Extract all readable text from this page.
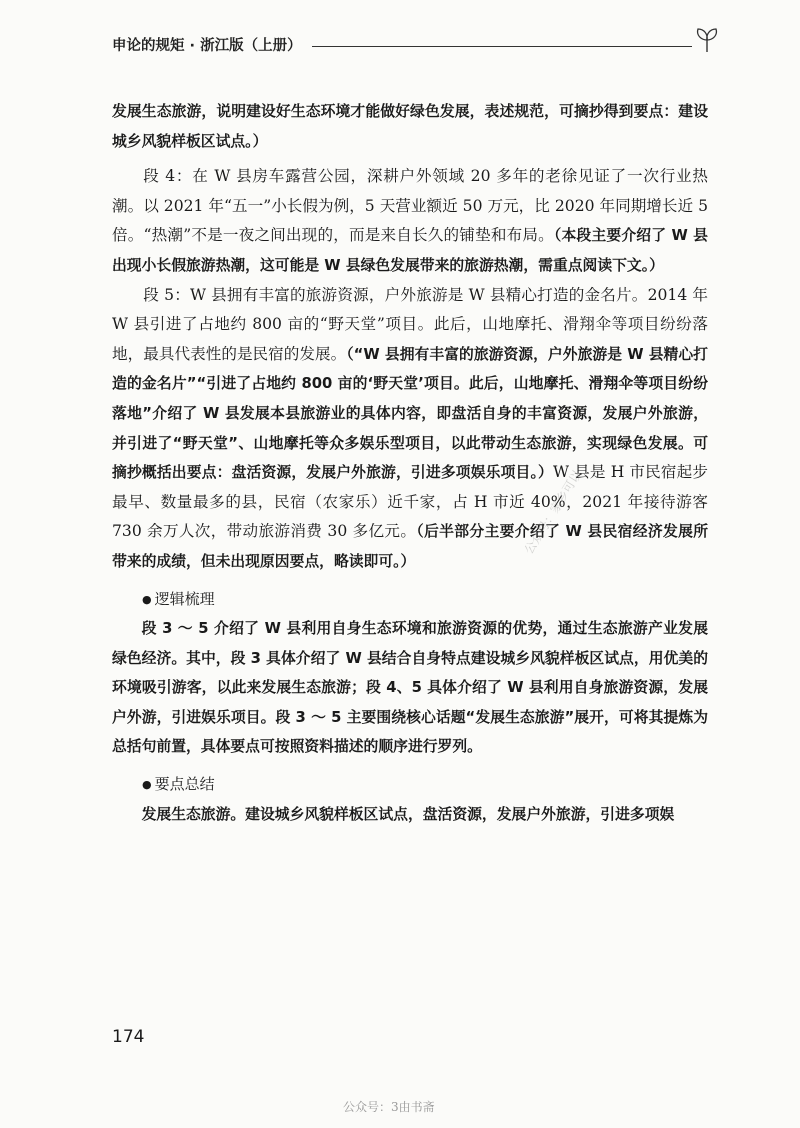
申论的规矩 · 浙江版（上册）

发展生态旅游，说明建设好生态环境才能做好绿色发展，表述规范，可摘抄得到要点：建设城乡风貌样板区试点。）

段 4：在 W 县房车露营公园，深耕户外领域 20 多年的老徐见证了一次行业热潮。以 2021 年“五一”小长假为例，5 天营业额近 50 万元，比 2020 年同期增长近 5 倍。“热潮”不是一夜之间出现的，而是来自长久的铺垫和布局。（本段主要介绍了 W 县出现小长假旅游热潮，这可能是 W 县绿色发展带来的旅游热潮，需重点阅读下文。）

段 5：W 县拥有丰富的旅游资源，户外旅游是 W 县精心打造的金名片。2014 年 W 县引进了占地约 800 亩的“野天堂”项目。此后，山地摩托、滑翔伞等项目纷纷落地，最具代表性的是民宿的发展。（“W 县拥有丰富的旅游资源，户外旅游是 W 县精心打造的金名片”“引进了占地约 800 亩的‘野天堂’项目。此后，山地摩托、滑翔伞等项目纷纷落地”介绍了 W 县发展本县旅游业的具体内容，即盘活自身的丰富资源，发展户外旅游，并引进了“野天堂”、山地摩托等众多娱乐型项目，以此带动生态旅游，实现绿色发展。可摘抄概括出要点：盘活资源，发展户外旅游，引进多项娱乐项目。）W 县是 H 市民宿起步最早、数量最多的县，民宿（农家乐）近千家，占 H 市近 40%，2021 年接待游客 730 余万人次，带动旅游消费 30 多亿元。（后半部分主要介绍了 W 县民宿经济发展所带来的成绩，但未出现原因要点，略读即可。）

● 逻辑梳理

段 3 ～ 5 介绍了 W 县利用自身生态环境和旅游资源的优势，通过生态旅游产业发展绿色经济。其中，段 3 具体介绍了 W 县结合自身特点建设城乡风貌样板区试点，用优美的环境吸引游客，以此来发展生态旅游；段 4、5 具体介绍了 W 县利用自身旅游资源，发展户外游，引进娱乐项目。段 3 ～ 5 主要围绕核心话题“发展生态旅游”展开，可将其提炼为总括句前置，具体要点可按照资料描述的顺序进行罗列。

● 要点总结

发展生态旅游。建设城乡风貌样板区试点，盘活资源，发展户外旅游，引进多项娱

174
公众号：家乡可以
公众号：3由书斋
